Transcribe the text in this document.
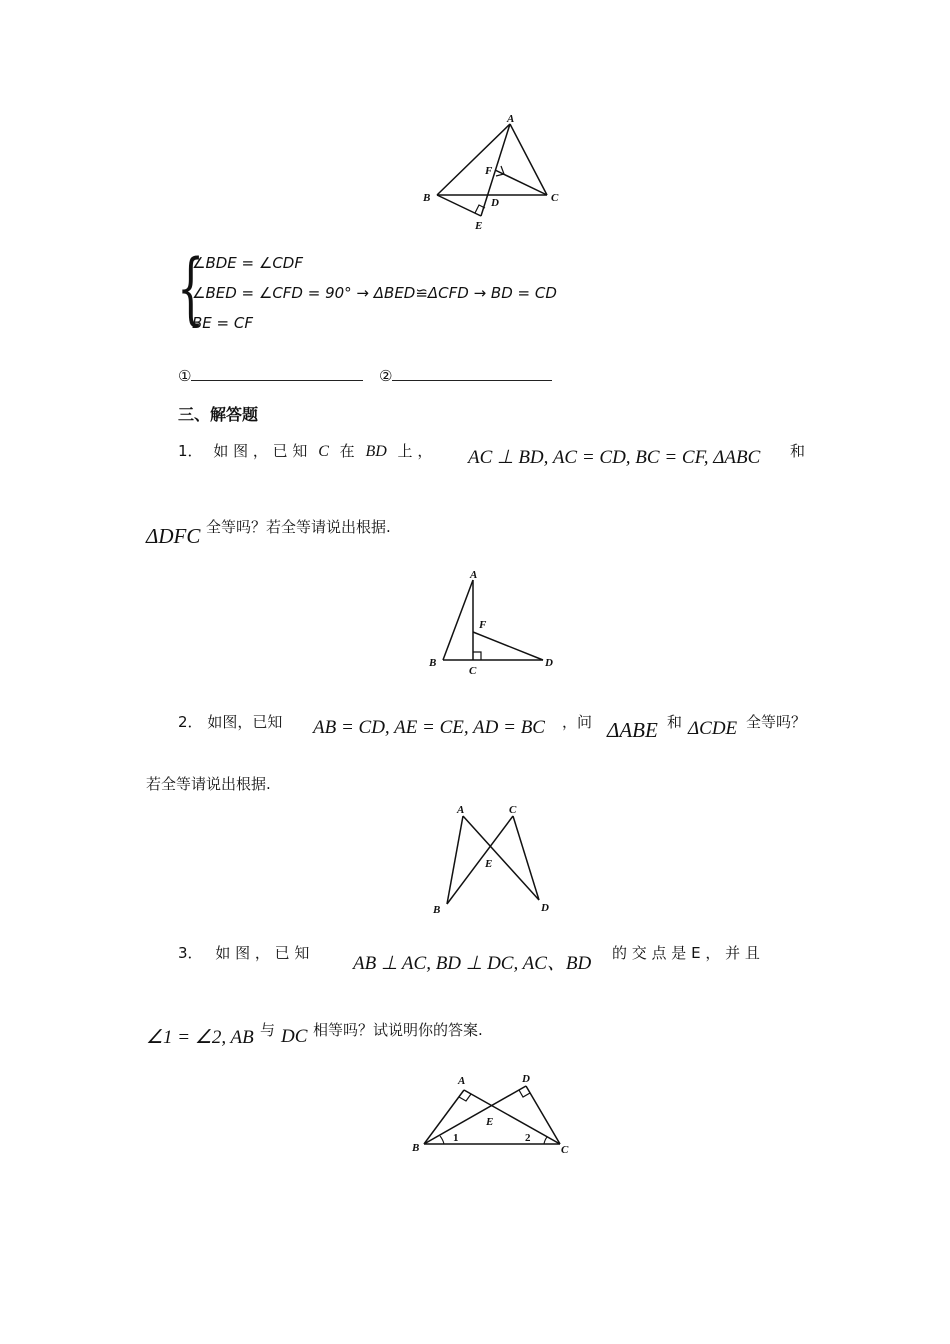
A
B	C
D
E
F
{
∠BDE = ∠CDF
∠BED = ∠CFD = 90° → ΔBED≌ΔCFD → BD = CD
BE = CF
①	②
三、解答题
1． 如 图 ， 已 知 C 在 BD 上 ， AC ⊥ BD, AC = CD, BC = CF, ΔABC 和
ΔDFC 全等吗？若全等请说出根据.
A
B
C
D
F
2． 如图，已知 AB = CD, AE = CE, AD = BC ，问 ΔABE 和 ΔCDE 全等吗？
若全等请说出根据.
A	C
B	D
E
3． 如 图 ， 已 知 AB ⊥ AC, BD ⊥ DC, AC、BD 的 交 点 是 E ， 并 且
∠1 = ∠2, AB 与 DC 相等吗？试说明你的答案.
A	D
B	C
E
1	2
